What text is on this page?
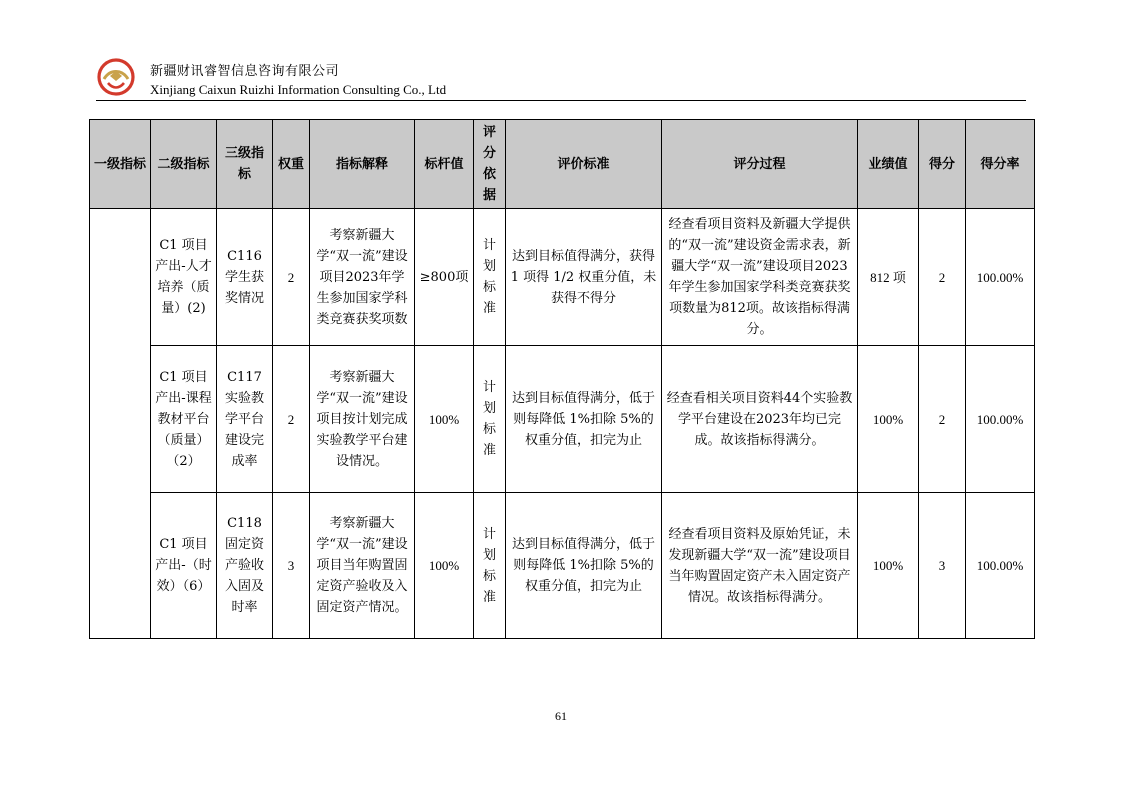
新疆财讯睿智信息咨询有限公司
Xinjiang Caixun Ruizhi Information Consulting Co., Ltd
一级指标	二级指标	三级指标	权重	指标解释	标杆值	评分依据	评价标准	评分过程	业绩值	得分	得分率
	C1 项目产出-人才培养（质量）(2)	C116学生获奖情况	2	考察新疆大学“双一流”建设项目2023年学生参加国家学科类竞赛获奖项数	≥800项	计划标准	达到目标值得满分，获得 1 项得 1/2 权重分值，未获得不得分	经查看项目资料及新疆大学提供的“双一流”建设资金需求表，新疆大学“双一流”建设项目2023年学生参加国家学科类竞赛获奖项数量为812项。故该指标得满分。	812 项	2	100.00%
	C1 项目产出-课程教材平台（质量）（2）	C117实验教学平台建设完成率	2	考察新疆大学“双一流”建设项目按计划完成实验教学平台建设情况。	100%	计划标准	达到目标值得满分，低于则每降低 1%扣除 5%的权重分值，扣完为止	经查看相关项目资料44个实验教学平台建设在2023年均已完成。故该指标得满分。	100%	2	100.00%
	C1 项目产出-（时效）（6）	C118固定资产验收入固及时率	3	考察新疆大学“双一流”建设项目当年购置固定资产验收及入固定资产情况。	100%	计划标准	达到目标值得满分，低于则每降低 1%扣除 5%的权重分值，扣完为止	经查看项目资料及原始凭证，未发现新疆大学“双一流”建设项目当年购置固定资产未入固定资产情况。故该指标得满分。	100%	3	100.00%
61
